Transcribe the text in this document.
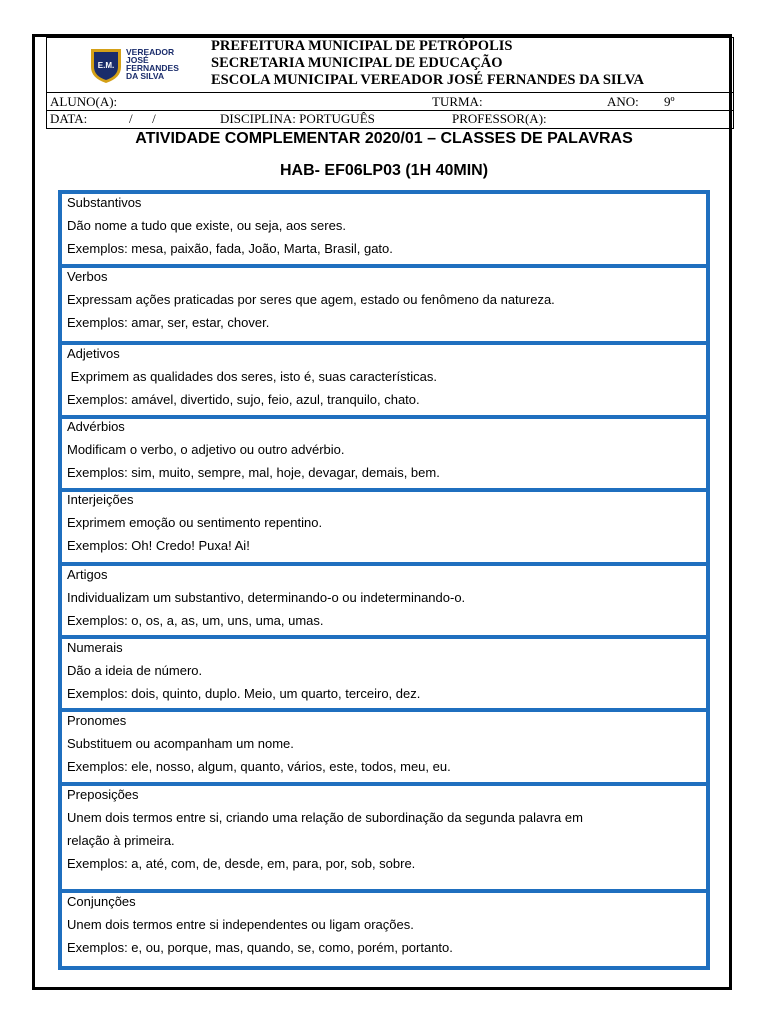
E.M.
VEREADOR
JOSÉ
FERNANDES
DA SILVA
PREFEITURA MUNICIPAL DE PETRÓPOLIS
SECRETARIA MUNICIPAL DE EDUCAÇÃO
ESCOLA MUNICIPAL VEREADOR JOSÉ FERNANDES DA SILVA
ALUNO(A):	TURMA:	ANO: 9º
DATA:	/      /	DISCIPLINA: PORTUGUÊS	PROFESSOR(A):
ATIVIDADE COMPLEMENTAR 2020/01 – CLASSES DE PALAVRAS
HAB- EF06LP03 (1H 40MIN)
Substantivos
Dão nome a tudo que existe, ou seja, aos seres.
Exemplos: mesa, paixão, fada, João, Marta, Brasil, gato.
Verbos
Expressam ações praticadas por seres que agem, estado ou fenômeno da natureza.
Exemplos: amar, ser, estar, chover.
Adjetivos
Exprimem as qualidades dos seres, isto é, suas características.
Exemplos: amável, divertido, sujo, feio, azul, tranquilo, chato.
Advérbios
Modificam o verbo, o adjetivo ou outro advérbio.
Exemplos: sim, muito, sempre, mal, hoje, devagar, demais, bem.
Interjeições
Exprimem emoção ou sentimento repentino.
Exemplos: Oh! Credo! Puxa! Ai!
Artigos
Individualizam um substantivo, determinando-o ou indeterminando-o.
Exemplos: o, os, a, as, um, uns, uma, umas.
Numerais
Dão a ideia de número.
Exemplos: dois, quinto, duplo. Meio, um quarto, terceiro, dez.
Pronomes
Substituem ou acompanham um nome.
Exemplos: ele, nosso, algum, quanto, vários, este, todos, meu, eu.
Preposições
Unem dois termos entre si, criando uma relação de subordinação da segunda palavra em
relação à primeira.
Exemplos: a, até, com, de, desde, em, para, por, sob, sobre.
Conjunções
Unem dois termos entre si independentes ou ligam orações.
Exemplos: e, ou, porque, mas, quando, se, como, porém, portanto.
